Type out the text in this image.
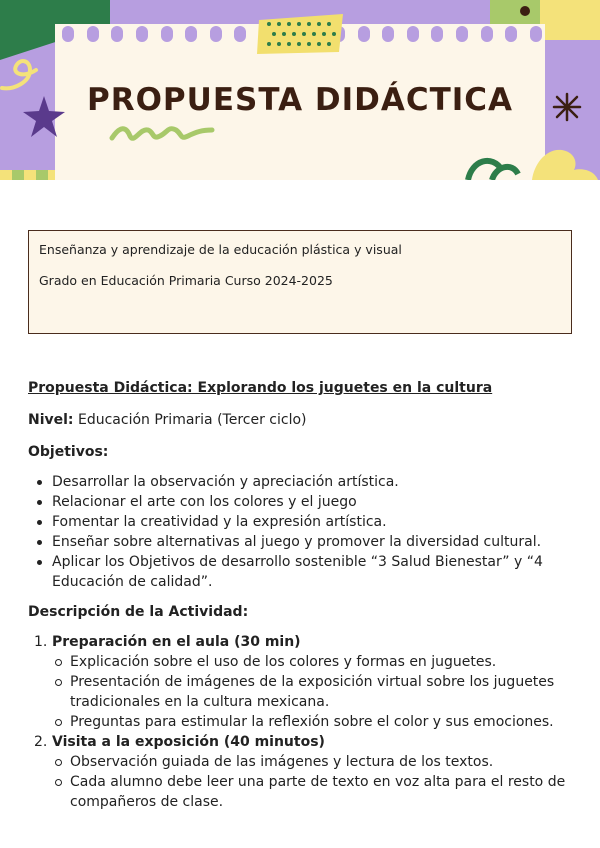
PROPUESTA DIDÁCTICA
Enseñanza y aprendizaje de la educación plástica y visual
Grado en Educación Primaria Curso 2024-2025
Propuesta Didáctica: Explorando los juguetes en la cultura
Nivel: Educación Primaria (Tercer ciclo)
Objetivos:
Desarrollar la observación y apreciación artística.
Relacionar el arte con los colores y el juego
Fomentar la creatividad y la expresión artística.
Enseñar sobre alternativas al juego y promover la diversidad cultural.
Aplicar los Objetivos de desarrollo sostenible “3 Salud Bienestar” y “4 Educación de calidad”.
Descripción de la Actividad:
1. Preparación en el aula (30 min)
Explicación sobre el uso de los colores y formas en juguetes.
Presentación de imágenes de la exposición virtual sobre los juguetes tradicionales en la cultura mexicana.
Preguntas para estimular la reflexión sobre el color y sus emociones.
2. Visita a la exposición (40 minutos)
Observación guiada de las imágenes y lectura de los textos.
Cada alumno debe leer una parte de texto en voz alta para el resto de compañeros de clase.
